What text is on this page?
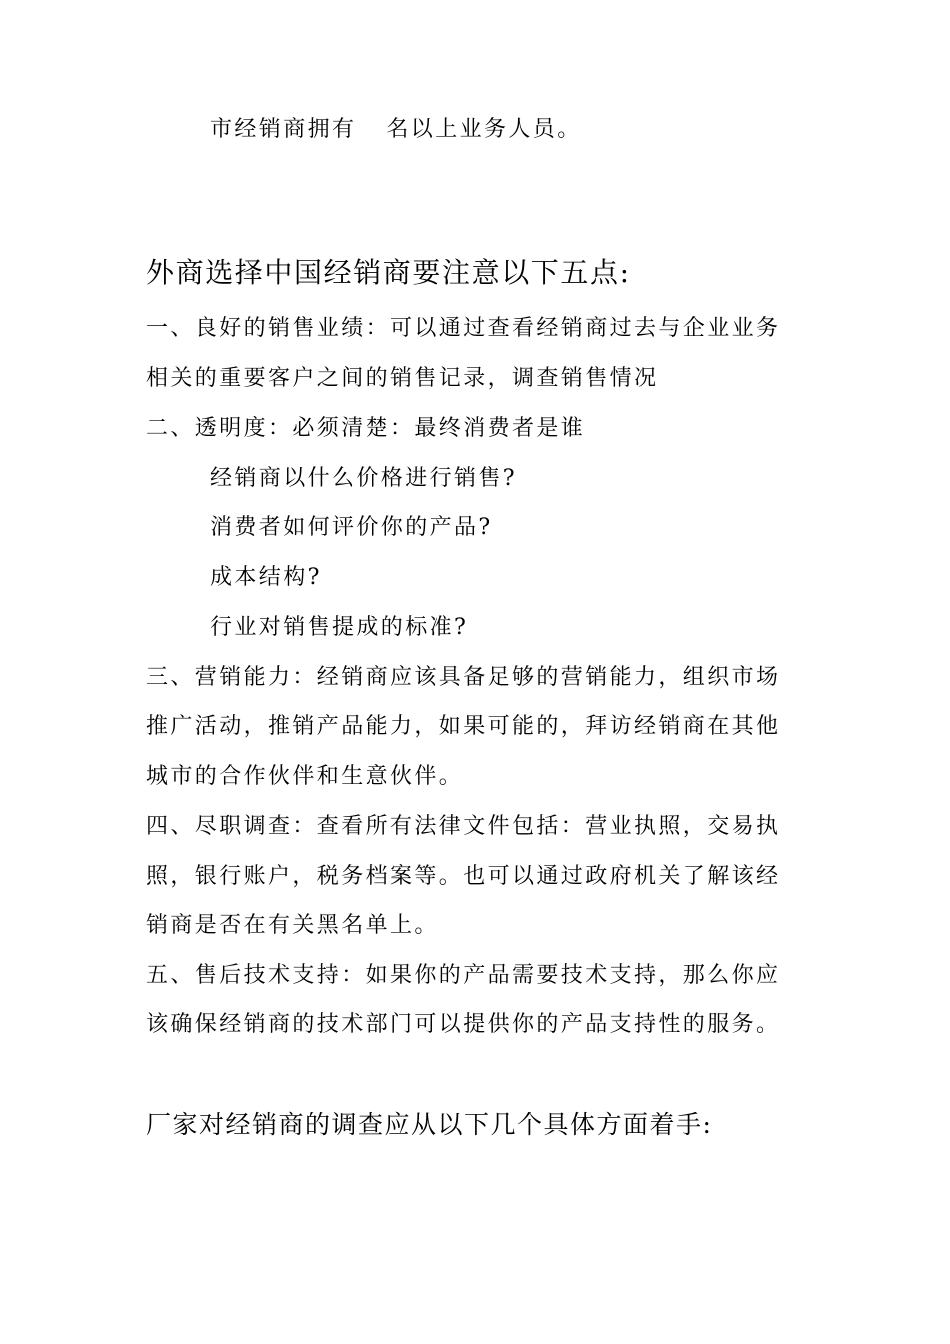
市经销商拥有 名以上业务人员。
外商选择中国经销商要注意以下五点:
一、良好的销售业绩：可以通过查看经销商过去与企业业务
相关的重要客户之间的销售记录，调查销售情况
二、透明度：必须清楚：最终消费者是谁
经销商以什么价格进行销售?
消费者如何评价你的产品?
成本结构?
行业对销售提成的标准?
三、营销能力：经销商应该具备足够的营销能力，组织市场
推广活动，推销产品能力，如果可能的，拜访经销商在其他
城市的合作伙伴和生意伙伴。
四、尽职调查：查看所有法律文件包括：营业执照，交易执
照，银行账户，税务档案等。也可以通过政府机关了解该经
销商是否在有关黑名单上。
五、售后技术支持：如果你的产品需要技术支持，那么你应
该确保经销商的技术部门可以提供你的产品支持性的服务。
厂家对经销商的调查应从以下几个具体方面着手:
